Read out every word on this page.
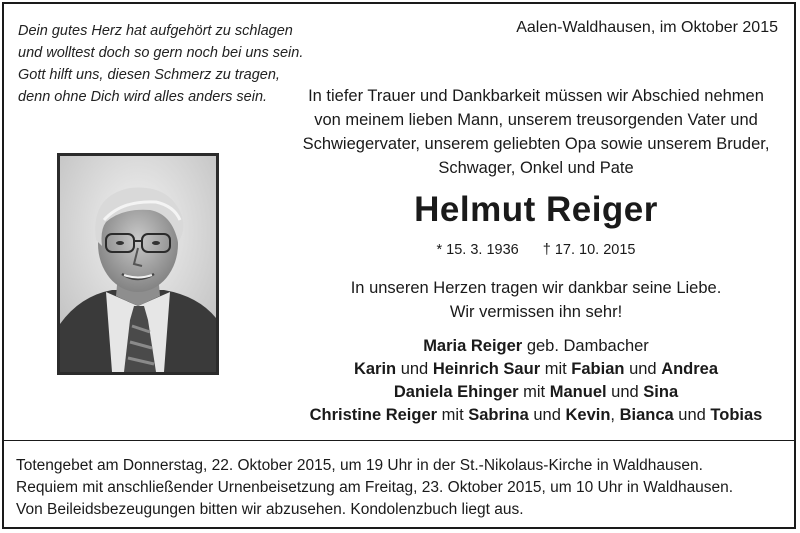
Dein gutes Herz hat aufgehört zu schlagen
und wolltest doch so gern noch bei uns sein.
Gott hilft uns, diesen Schmerz zu tragen,
denn ohne Dich wird alles anders sein.
Aalen-Waldhausen, im Oktober 2015
In tiefer Trauer und Dankbarkeit müssen wir Abschied nehmen
von meinem lieben Mann, unserem treusorgenden Vater und
Schwiegervater, unserem geliebten Opa sowie unserem Bruder,
Schwager, Onkel und Pate
Helmut Reiger
* 15. 3. 1936 † 17. 10. 2015
In unseren Herzen tragen wir dankbar seine Liebe.
Wir vermissen ihn sehr!
Maria Reiger geb. Dambacher
Karin und Heinrich Saur mit Fabian und Andrea
Daniela Ehinger mit Manuel und Sina
Christine Reiger mit Sabrina und Kevin, Bianca und Tobias
Totengebet am Donnerstag, 22. Oktober 2015, um 19 Uhr in der St.-Nikolaus-Kirche in Waldhausen.
Requiem mit anschließender Urnenbeisetzung am Freitag, 23. Oktober 2015, um 10 Uhr in Waldhausen.
Von Beileidsbezeugungen bitten wir abzusehen. Kondolenzbuch liegt aus.
